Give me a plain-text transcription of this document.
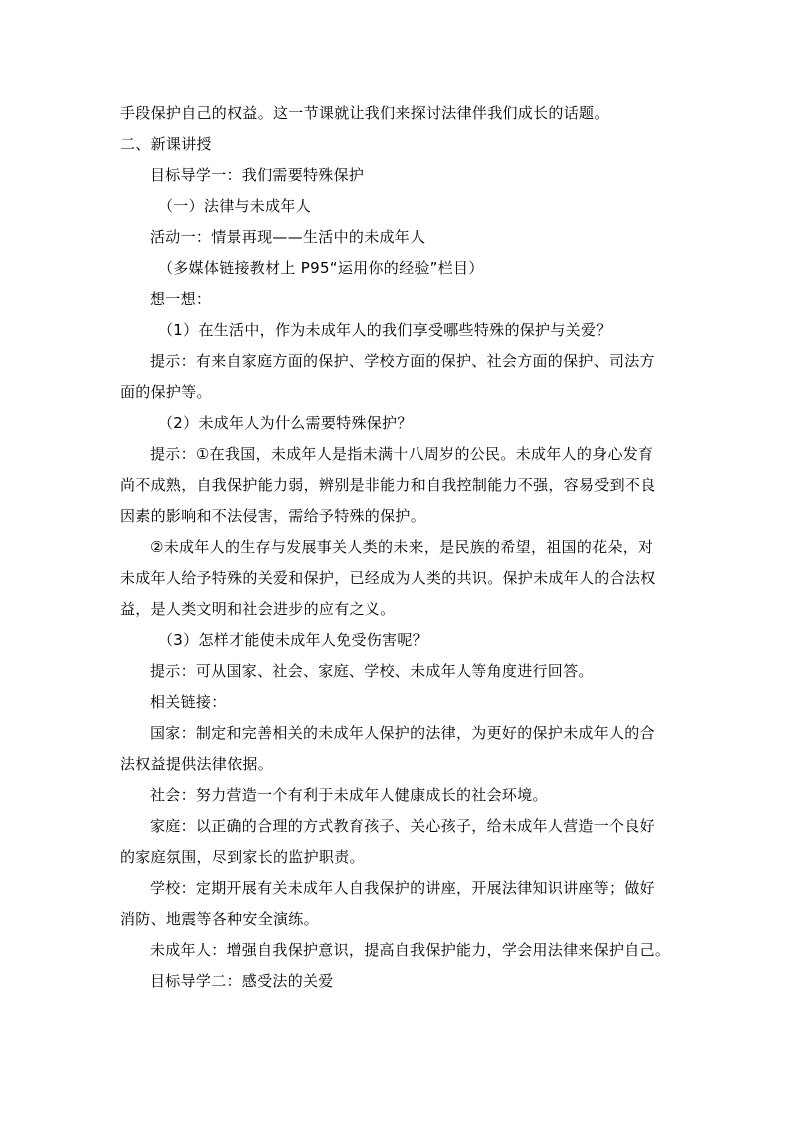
手段保护自己的权益。这一节课就让我们来探讨法律伴我们成长的话题。
二、新课讲授
目标导学一：我们需要特殊保护
（一）法律与未成年人
活动一：情景再现——生活中的未成年人
（多媒体链接教材上 P95“运用你的经验”栏目）
想一想：
（1）在生活中，作为未成年人的我们享受哪些特殊的保护与关爱？
提示：有来自家庭方面的保护、学校方面的保护、社会方面的保护、司法方
面的保护等。
（2）未成年人为什么需要特殊保护？
提示：①在我国，未成年人是指未满十八周岁的公民。未成年人的身心发育
尚不成熟，自我保护能力弱，辨别是非能力和自我控制能力不强，容易受到不良
因素的影响和不法侵害，需给予特殊的保护。
②未成年人的生存与发展事关人类的未来，是民族的希望，祖国的花朵，对
未成年人给予特殊的关爱和保护，已经成为人类的共识。保护未成年人的合法权
益，是人类文明和社会进步的应有之义。
（3）怎样才能使未成年人免受伤害呢？
提示：可从国家、社会、家庭、学校、未成年人等角度进行回答。
相关链接：
国家：制定和完善相关的未成年人保护的法律，为更好的保护未成年人的合
法权益提供法律依据。
社会：努力营造一个有利于未成年人健康成长的社会环境。
家庭：以正确的合理的方式教育孩子、关心孩子，给未成年人营造一个良好
的家庭氛围，尽到家长的监护职责。
学校：定期开展有关未成年人自我保护的讲座，开展法律知识讲座等；做好
消防、地震等各种安全演练。
未成年人：增强自我保护意识，提高自我保护能力，学会用法律来保护自己。
目标导学二：感受法的关爱
